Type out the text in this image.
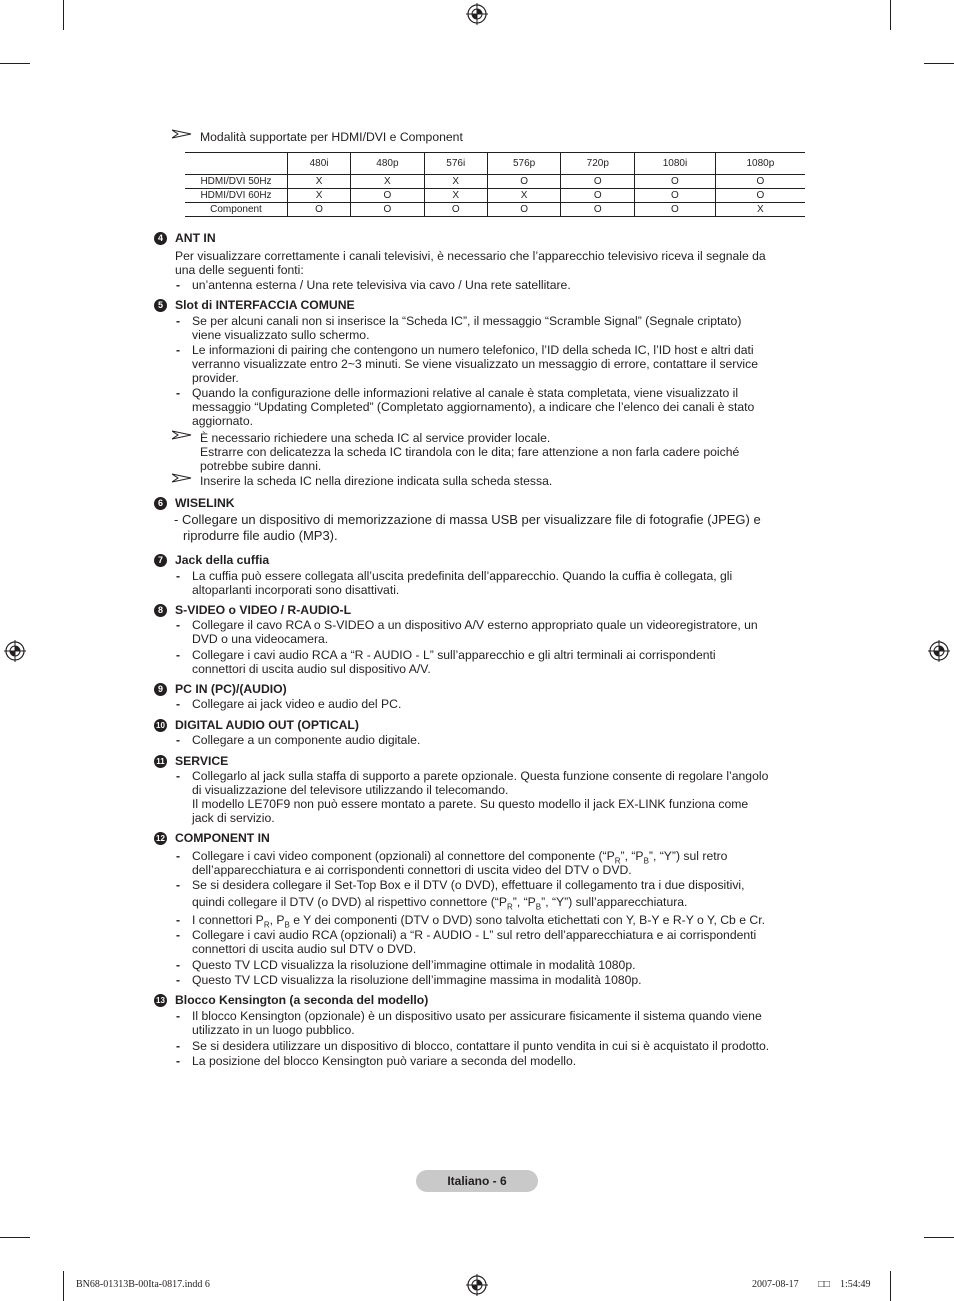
Modalità supportate per HDMI/DVI e Component
	480i	480p	576i	576p	720p	1080i	1080p
HDMI/DVI 50Hz	X	X	X	O	O	O	O
HDMI/DVI 60Hz	X	O	X	X	O	O	O
Component	O	O	O	O	O	O	X
4 ANT IN
Per visualizzare correttamente i canali televisivi, è necessario che l’apparecchio televisivo riceva il segnale da
una delle seguenti fonti:
- un’antenna esterna / Una rete televisiva via cavo / Una rete satellitare.
5 Slot di INTERFACCIA COMUNE
- Se per alcuni canali non si inserisce la “Scheda IC”, il messaggio “Scramble Signal” (Segnale criptato)
viene visualizzato sullo schermo.
- Le informazioni di pairing che contengono un numero telefonico, l’ID della scheda IC, l’ID host e altri dati
verranno visualizzate entro 2~3 minuti. Se viene visualizzato un messaggio di errore, contattare il service
provider.
- Quando la configurazione delle informazioni relative al canale è stata completata, viene visualizzato il
messaggio “Updating Completed” (Completato aggiornamento), a indicare che l’elenco dei canali è stato
aggiornato.
È necessario richiedere una scheda IC al service provider locale.
Estrarre con delicatezza la scheda IC tirandola con le dita; fare attenzione a non farla cadere poiché
potrebbe subire danni.
Inserire la scheda IC nella direzione indicata sulla scheda stessa.
6 WISELINK
- Collegare un dispositivo di memorizzazione di massa USB per visualizzare file di fotografie (JPEG) e
riprodurre file audio (MP3).
7 Jack della cuffia
- La cuffia può essere collegata all’uscita predefinita dell’apparecchio. Quando la cuffia è collegata, gli
altoparlanti incorporati sono disattivati.
8 S-VIDEO o VIDEO / R-AUDIO-L
- Collegare il cavo RCA o S-VIDEO a un dispositivo A/V esterno appropriato quale un videoregistratore, un
DVD o una videocamera.
- Collegare i cavi audio RCA a “R - AUDIO - L” sull’apparecchio e gli altri terminali ai corrispondenti
connettori di uscita audio sul dispositivo A/V.
9 PC IN (PC)/(AUDIO)
- Collegare ai jack video e audio del PC.
10 DIGITAL AUDIO OUT (OPTICAL)
- Collegare a un componente audio digitale.
11 SERVICE
- Collegarlo al jack sulla staffa di supporto a parete opzionale. Questa funzione consente di regolare l’angolo
di visualizzazione del televisore utilizzando il telecomando.
Il modello LE70F9 non può essere montato a parete. Su questo modello il jack EX-LINK funziona come
jack di servizio.
12 COMPONENT IN
- Collegare i cavi video component (opzionali) al connettore del componente (“$P_R$”, “$P_B$”, “Y”) sul retro
dell’apparecchiatura e ai corrispondenti connettori di uscita video del DTV o DVD.
- Se si desidera collegare il Set-Top Box e il DTV (o DVD), effettuare il collegamento tra i due dispositivi,
quindi collegare il DTV (o DVD) al rispettivo connettore (“$P_R$”, “$P_B$”, “Y”) sull’apparecchiatura.
- I connettori $P_R$, $P_B$ e Y dei componenti (DTV o DVD) sono talvolta etichettati con Y, B-Y e R-Y o Y, Cb e Cr.
- Collegare i cavi audio RCA (opzionali) a “R - AUDIO - L” sul retro dell’apparecchiatura e ai corrispondenti
connettori di uscita audio sul DTV o DVD.
- Questo TV LCD visualizza la risoluzione dell’immagine ottimale in modalità 1080p.
- Questo TV LCD visualizza la risoluzione dell’immagine massima in modalità 1080p.
13 Blocco Kensington (a seconda del modello)
- Il blocco Kensington (opzionale) è un dispositivo usato per assicurare fisicamente il sistema quando viene
utilizzato in un luogo pubblico.
- Se si desidera utilizzare un dispositivo di blocco, contattare il punto vendita in cui si è acquistato il prodotto.
- La posizione del blocco Kensington può variare a seconda del modello.
Italiano - 6
BN68-01313B-00Ita-0817.indd 6	2007-08-17 □□ 1:54:49
